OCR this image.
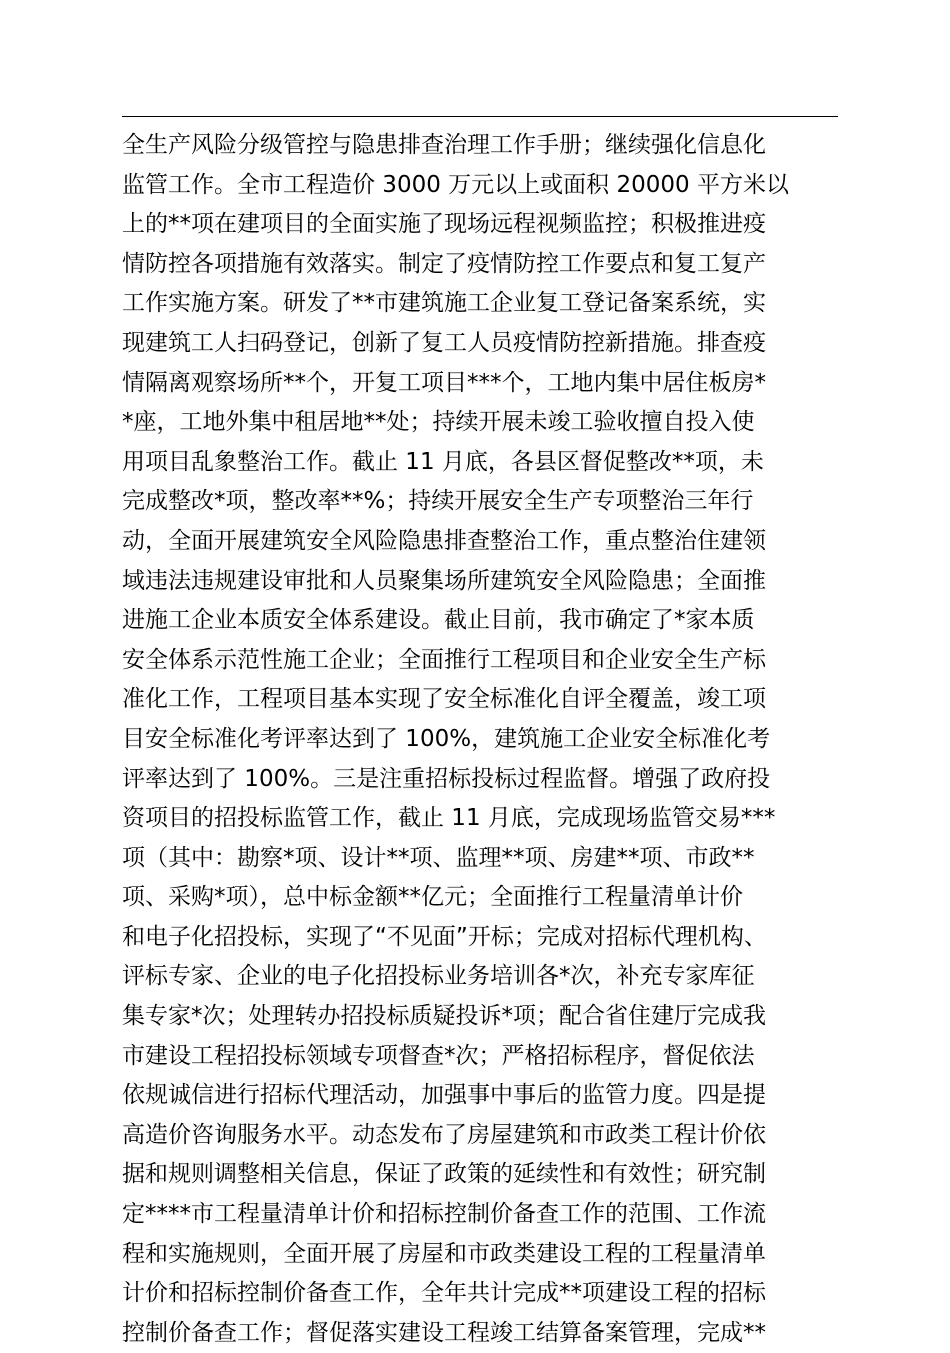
全生产风险分级管控与隐患排查治理工作手册；继续强化信息化
监管工作。全市工程造价 3000 万元以上或面积 20000 平方米以
上的**项在建项目的全面实施了现场远程视频监控；积极推进疫
情防控各项措施有效落实。制定了疫情防控工作要点和复工复产
工作实施方案。研发了**市建筑施工企业复工登记备案系统，实
现建筑工人扫码登记，创新了复工人员疫情防控新措施。排查疫
情隔离观察场所**个，开复工项目***个，工地内集中居住板房*
*座，工地外集中租居地**处；持续开展未竣工验收擅自投入使
用项目乱象整治工作。截止 11 月底，各县区督促整改**项，未
完成整改*项，整改率**%；持续开展安全生产专项整治三年行
动，全面开展建筑安全风险隐患排查整治工作，重点整治住建领
域违法违规建设审批和人员聚集场所建筑安全风险隐患；全面推
进施工企业本质安全体系建设。截止目前，我市确定了*家本质
安全体系示范性施工企业；全面推行工程项目和企业安全生产标
准化工作，工程项目基本实现了安全标准化自评全覆盖，竣工项
目安全标准化考评率达到了 100%，建筑施工企业安全标准化考
评率达到了 100%。三是注重招标投标过程监督。增强了政府投
资项目的招投标监管工作，截止 11 月底，完成现场监管交易***
项（其中：勘察*项、设计**项、监理**项、房建**项、市政**
项、采购*项），总中标金额**亿元；全面推行工程量清单计价
和电子化招投标，实现了“不见面”开标；完成对招标代理机构、
评标专家、企业的电子化招投标业务培训各*次，补充专家库征
集专家*次；处理转办招投标质疑投诉*项；配合省住建厅完成我
市建设工程招投标领域专项督查*次；严格招标程序，督促依法
依规诚信进行招标代理活动，加强事中事后的监管力度。四是提
高造价咨询服务水平。动态发布了房屋建筑和市政类工程计价依
据和规则调整相关信息，保证了政策的延续性和有效性；研究制
定****市工程量清单计价和招标控制价备查工作的范围、工作流
程和实施规则，全面开展了房屋和市政类建设工程的工程量清单
计价和招标控制价备查工作，全年共计完成**项建设工程的招标
控制价备查工作；督促落实建设工程竣工结算备案管理，完成**
